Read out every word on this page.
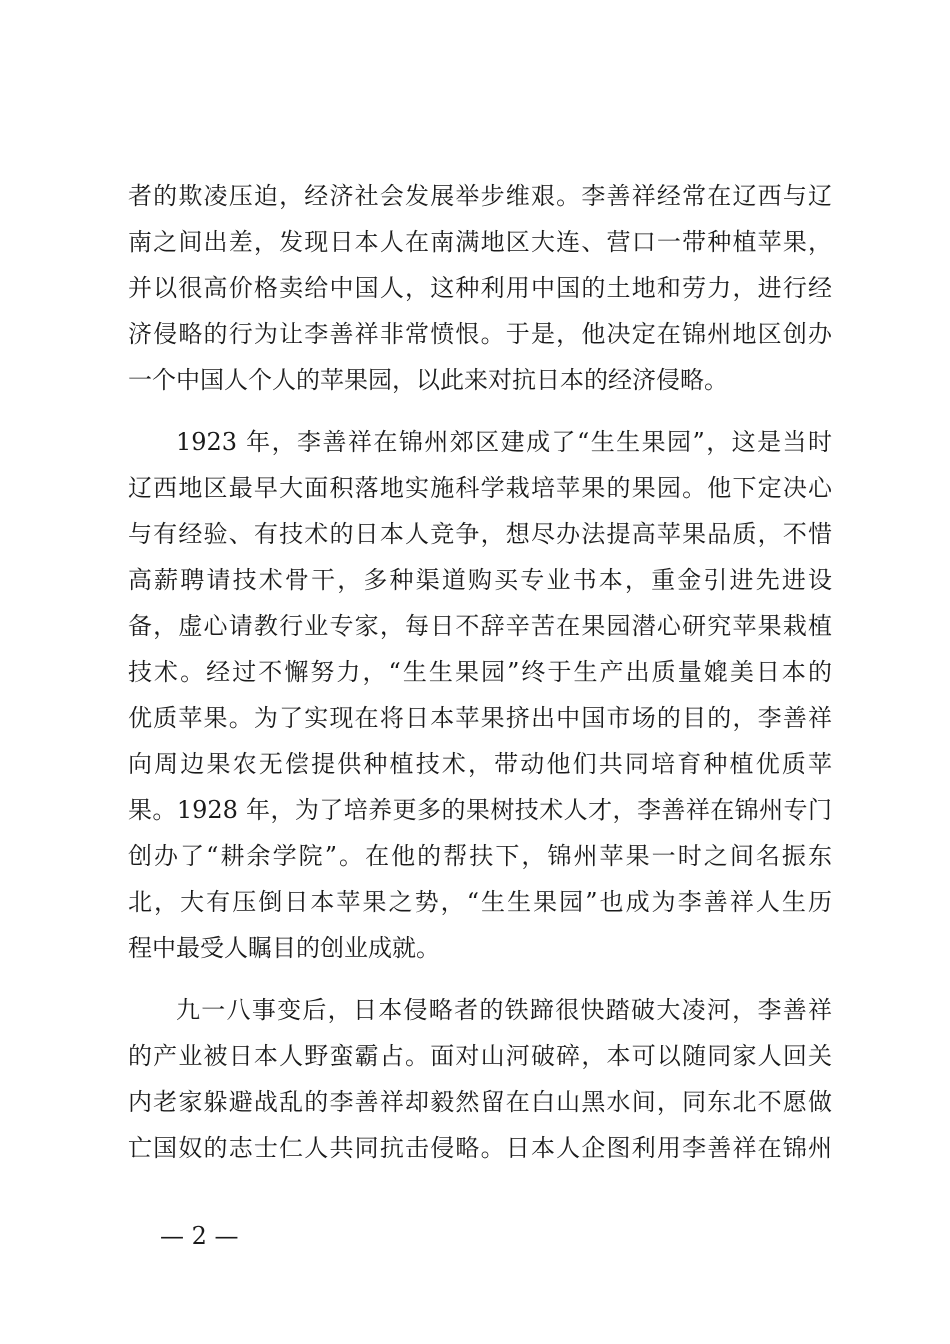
者的欺凌压迫，经济社会发展举步维艰。李善祥经常在辽西与辽
南之间出差，发现日本人在南满地区大连、营口一带种植苹果，
并以很高价格卖给中国人，这种利用中国的土地和劳力，进行经
济侵略的行为让李善祥非常愤恨。于是，他决定在锦州地区创办
一个中国人个人的苹果园，以此来对抗日本的经济侵略。
1923 年，李善祥在锦州郊区建成了“生生果园”，这是当时
辽西地区最早大面积落地实施科学栽培苹果的果园。他下定决心
与有经验、有技术的日本人竞争，想尽办法提高苹果品质，不惜
高薪聘请技术骨干，多种渠道购买专业书本，重金引进先进设
备，虚心请教行业专家，每日不辞辛苦在果园潜心研究苹果栽植
技术。经过不懈努力，“生生果园”终于生产出质量媲美日本的
优质苹果。为了实现在将日本苹果挤出中国市场的目的，李善祥
向周边果农无偿提供种植技术，带动他们共同培育种植优质苹
果。1928 年，为了培养更多的果树技术人才，李善祥在锦州专门
创办了“耕余学院”。在他的帮扶下，锦州苹果一时之间名振东
北，大有压倒日本苹果之势，“生生果园”也成为李善祥人生历
程中最受人瞩目的创业成就。
九一八事变后，日本侵略者的铁蹄很快踏破大凌河，李善祥
的产业被日本人野蛮霸占。面对山河破碎，本可以随同家人回关
内老家躲避战乱的李善祥却毅然留在白山黑水间，同东北不愿做
亡国奴的志士仁人共同抗击侵略。日本人企图利用李善祥在锦州
— 2 —
